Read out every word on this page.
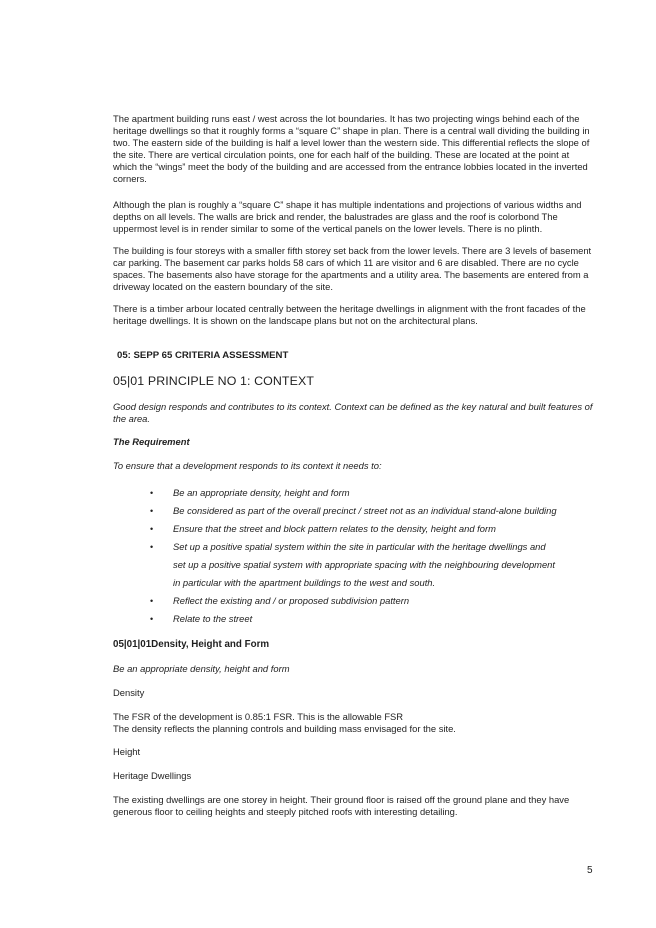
The apartment building runs east / west across the lot boundaries. It has two projecting wings behind each of the heritage dwellings so that it roughly forms a “square C” shape in plan. There is a central wall dividing the building in two. The eastern side of the building is half a level lower than the western side. This differential reflects the slope of the site. There are vertical circulation points, one for each half of the building. These are located at the point at which the “wings” meet the body of the building and are accessed from the entrance lobbies located in the inverted corners.

Although the plan is roughly a “square C” shape it has multiple indentations and projections of various widths and depths on all levels. The walls are brick and render, the balustrades are glass and the roof is colorbond The uppermost level is in render similar to some of the vertical panels on the lower levels. There is no plinth.

The building is four storeys with a smaller fifth storey set back from the lower levels. There are 3 levels of basement car parking. The basement car parks holds 58 cars of which 11 are visitor and 6 are disabled. There are no cycle spaces. The basements also have storage for the apartments and a utility area. The basements are entered from a driveway located on the eastern boundary of the site.

There is a timber arbour located centrally between the heritage dwellings in alignment with the front facades of the heritage dwellings. It is shown on the landscape plans but not on the architectural plans.

05: SEPP 65 CRITERIA ASSESSMENT

05|01 PRINCIPLE NO 1: CONTEXT

Good design responds and contributes to its context. Context can be defined as the key natural and built features of the area.

The Requirement

To ensure that a development responds to its context it needs to:

• Be an appropriate density, height and form
• Be considered as part of the overall precinct / street not as an individual stand-alone building
• Ensure that the street and block pattern relates to the density, height and form
• Set up a positive spatial system within the site in particular with the heritage dwellings and set up a positive spatial system with appropriate spacing with the neighbouring development in particular with the apartment buildings to the west and south.
• Reflect the existing and / or proposed subdivision pattern
• Relate to the street

05|01|01Density, Height and Form

Be an appropriate density, height and form

Density

The FSR of the development is 0.85:1 FSR. This is the allowable FSR

The density reflects the planning controls and building mass envisaged for the site.

Height

Heritage Dwellings

The existing dwellings are one storey in height. Their ground floor is raised off the ground plane and they have generous floor to ceiling heights and steeply pitched roofs with interesting detailing.

5
